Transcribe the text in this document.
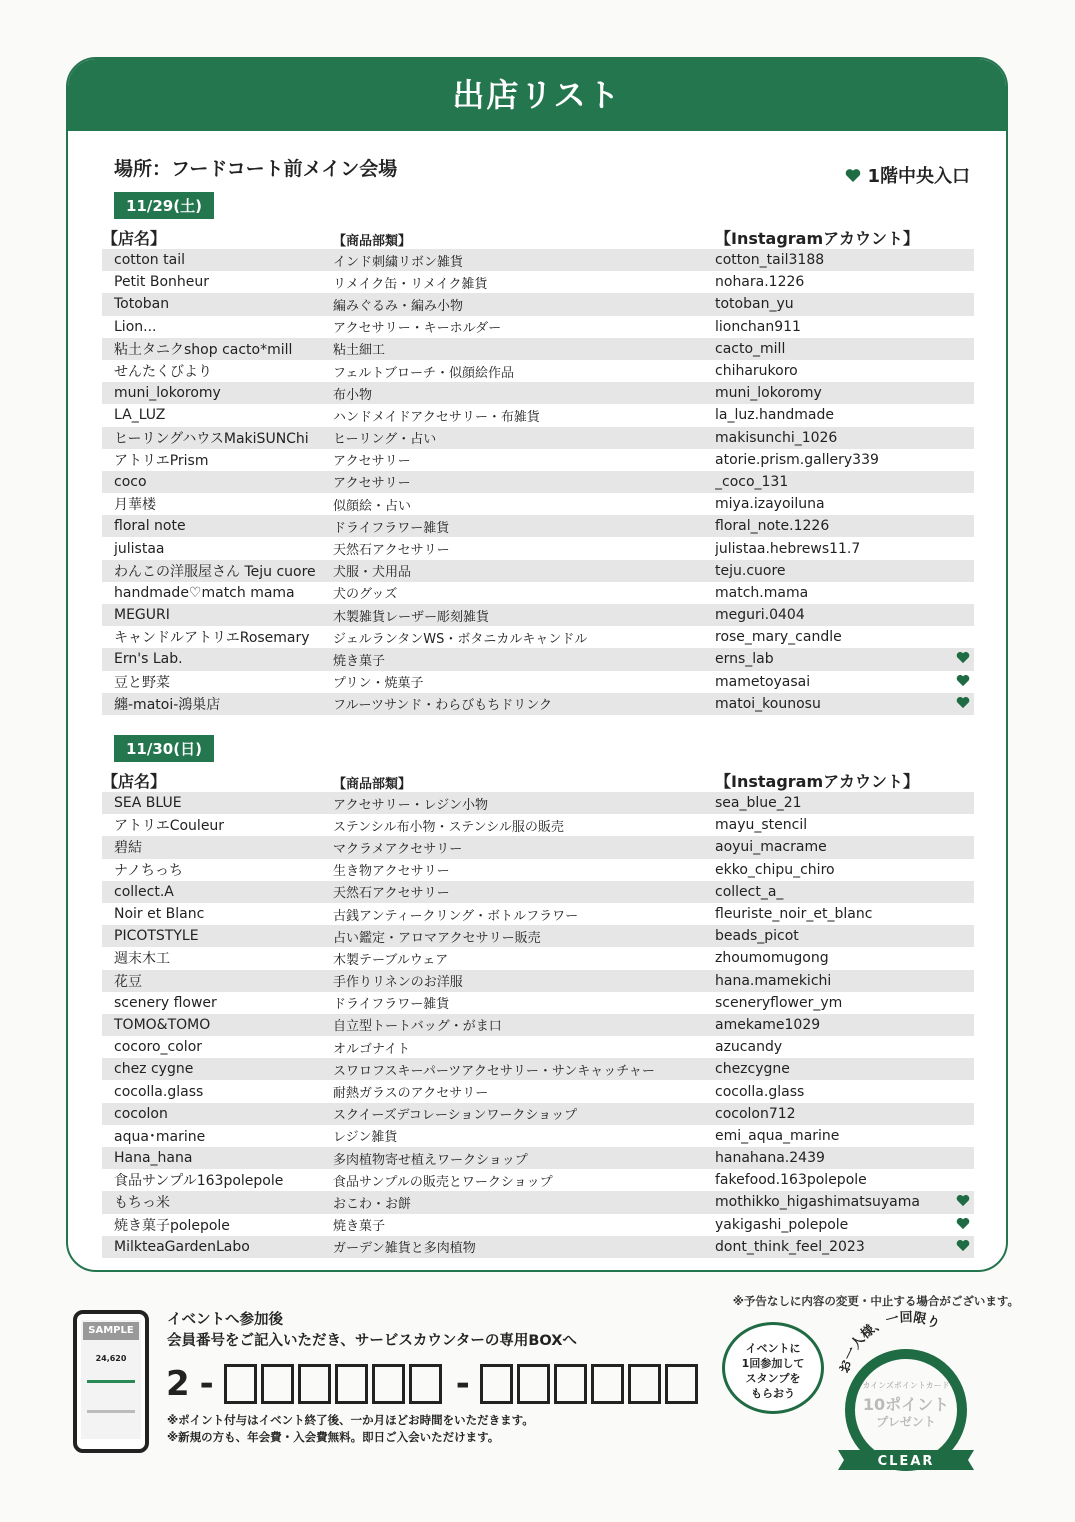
出店リスト
場所：フードコート前メイン会場	1階中央入口
11/29(土)
【店名】	【商品部類】	【Instagramアカウント】
cotton tail	インド刺繍リボン雑貨	cotton_tail3188
Petit Bonheur	リメイク缶・リメイク雑貨	nohara.1226
Totoban	編みぐるみ・編み小物	totoban_yu
Lion...	アクセサリー・キーホルダー	lionchan911
粘土タニクshop cacto*mill	粘土細工	cacto_mill
せんたくびより	フェルトブローチ・似顔絵作品	chiharukoro
muni_lokoromy	布小物	muni_lokoromy
LA_LUZ	ハンドメイドアクセサリー・布雑貨	la_luz.handmade
ヒーリングハウスMakiSUNChi	ヒーリング・占い	makisunchi_1026
アトリエPrism	アクセサリー	atorie.prism.gallery339
coco	アクセサリー	_coco_131
月華楼	似顔絵・占い	miya.izayoiluna
floral note	ドライフラワー雑貨	floral_note.1226
julistaa	天然石アクセサリー	julistaa.hebrews11.7
わんこの洋服屋さん Teju cuore	犬服・犬用品	teju.cuore
handmade♡match mama	犬のグッズ	match.mama
MEGURI	木製雑貨レーザー彫刻雑貨	meguri.0404
キャンドルアトリエRosemary	ジェルランタンWS・ボタニカルキャンドル	rose_mary_candle
Ern's Lab.	焼き菓子	erns_lab
豆と野菜	プリン・焼菓子	mametoyasai
纏-matoi-鴻巣店	フルーツサンド・わらびもちドリンク	matoi_kounosu
11/30(日)
【店名】	【商品部類】	【Instagramアカウント】
SEA BLUE	アクセサリー・レジン小物	sea_blue_21
アトリエCouleur	ステンシル布小物・ステンシル服の販売	mayu_stencil
碧結	マクラメアクセサリー	aoyui_macrame
ナノちっち	生き物アクセサリー	ekko_chipu_chiro
collect.A	天然石アクセサリー	collect_a_
Noir et Blanc	古銭アンティークリング・ボトルフラワー	fleuriste_noir_et_blanc
PICOTSTYLE	占い鑑定・アロマアクセサリー販売	beads_picot
週末木工	木製テーブルウェア	zhoumomugong
花豆	手作りリネンのお洋服	hana.mamekichi
scenery flower	ドライフラワー雑貨	sceneryflower_ym
TOMO&TOMO	自立型トートバッグ・がま口	amekame1029
cocoro_color	オルゴナイト	azucandy
chez cygne	スワロフスキーパーツアクセサリー・サンキャッチャー	chezcygne
cocolla.glass	耐熱ガラスのアクセサリー	cocolla.glass
cocolon	スクイーズデコレーションワークショップ	cocolon712
aqua･marine	レジン雑貨	emi_aqua_marine
Hana_hana	多肉植物寄せ植えワークショップ	hanahana.2439
食品サンプル163polepole	食品サンプルの販売とワークショップ	fakefood.163polepole
もちっ米	おこわ・お餅	mothikko_higashimatsuyama
焼き菓子polepole	焼き菓子	yakigashi_polepole
MilkteaGardenLabo	ガーデン雑貨と多肉植物	dont_think_feel_2023
※予告なしに内容の変更・中止する場合がございます。
SAMPLE
24,620
イベントへ参加後
会員番号をご記入いただき、サービスカウンターの専用BOXへ
2 -	-
※ポイント付与はイベント終了後、一か月ほどお時間をいただきます。
※新規の方も、年会費・入会費無料。即日ご入会いただけます。
イベントに
1回参加して
スタンプを
もらおう
お一人様、一回限り
カインズポイントカード
10ポイント
プレゼント
CLEAR
